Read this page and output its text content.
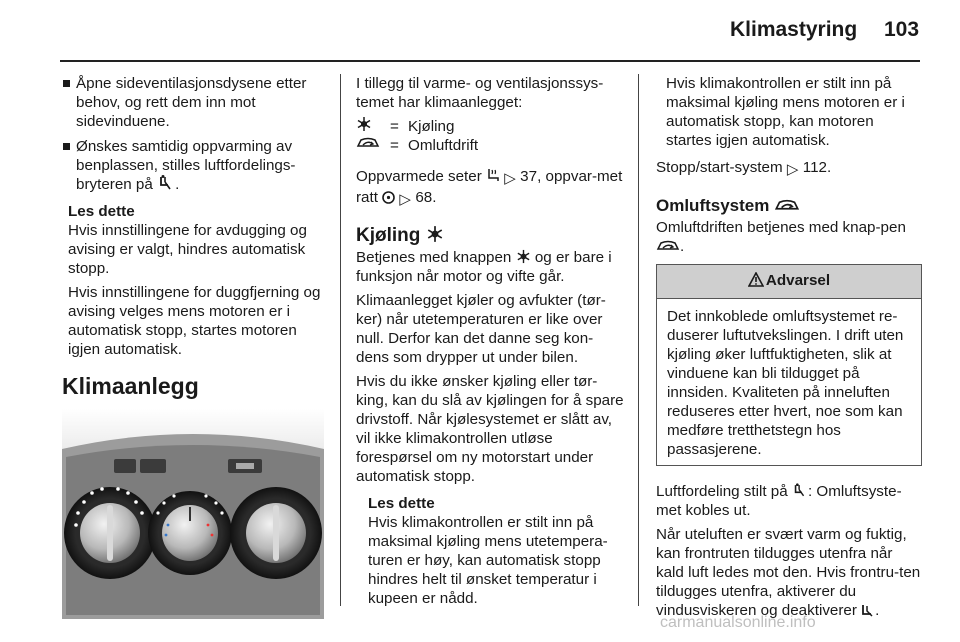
Klimastyring 103
Åpne sideventilasjonsdysene etter behov, og rett dem inn mot sidevinduene.
Ønskes samtidig oppvarming av benplassen, stilles luftfordelings-bryteren på .
Les dette

Hvis innstillingene for avdugging og avising er valgt, hindres automatisk stopp.

Hvis innstillingene for duggfjerning og avising velges mens motoren er i automatisk stopp, startes motoren igjen automatisk.

Klimaanlegg

I tillegg til varme- og ventilasjonssys-temet har klimaanlegget:

= Kjøling
= Omluftdrift

Oppvarmede seter ▷ 37, oppvar-met ratt ▷ 68.

Kjøling

Betjenes med knappen og er bare i funksjon når motor og vifte går.

Klimaanlegget kjøler og avfukter (tør-ker) når utetemperaturen er like over null. Derfor kan det danne seg kon-dens som drypper ut under bilen.

Hvis du ikke ønsker kjøling eller tør-king, kan du slå av kjølingen for å spare drivstoff. Når kjølesystemet er slått av, vil ikke klimakontrollen utløse forespørsel om ny motorstart under automatisk stopp.

Les dette

Hvis klimakontrollen er stilt inn på maksimal kjøling mens utetempera-turen er høy, kan automatisk stopp hindres helt til ønsket temperatur i kupeen er nådd.

Hvis klimakontrollen er stilt inn på maksimal kjøling mens motoren er i automatisk stopp, kan motoren startes igjen automatisk.

Stopp/start-system ▷ 112.

Omluftsystem

Omluftdriften betjenes med knap-pen .

Advarsel
Det innkoblede omluftsystemet re-duserer luftutvekslingen. I drift uten kjøling øker luftfuktigheten, slik at vinduene kan bli tildugget på innsiden. Kvaliteten på inneluften reduseres etter hvert, noe som kan medføre tretthetstegn hos passasjerene.

Luftfordeling stilt på : Omluftsyste-met kobles ut.

Når uteluften er svært varm og fuktig, kan frontruten tildugges utenfra når kald luft ledes mot den. Hvis frontru-ten tildugges utenfra, aktiverer du vindusviskeren og deaktiverer .

carmanualsonline.info
